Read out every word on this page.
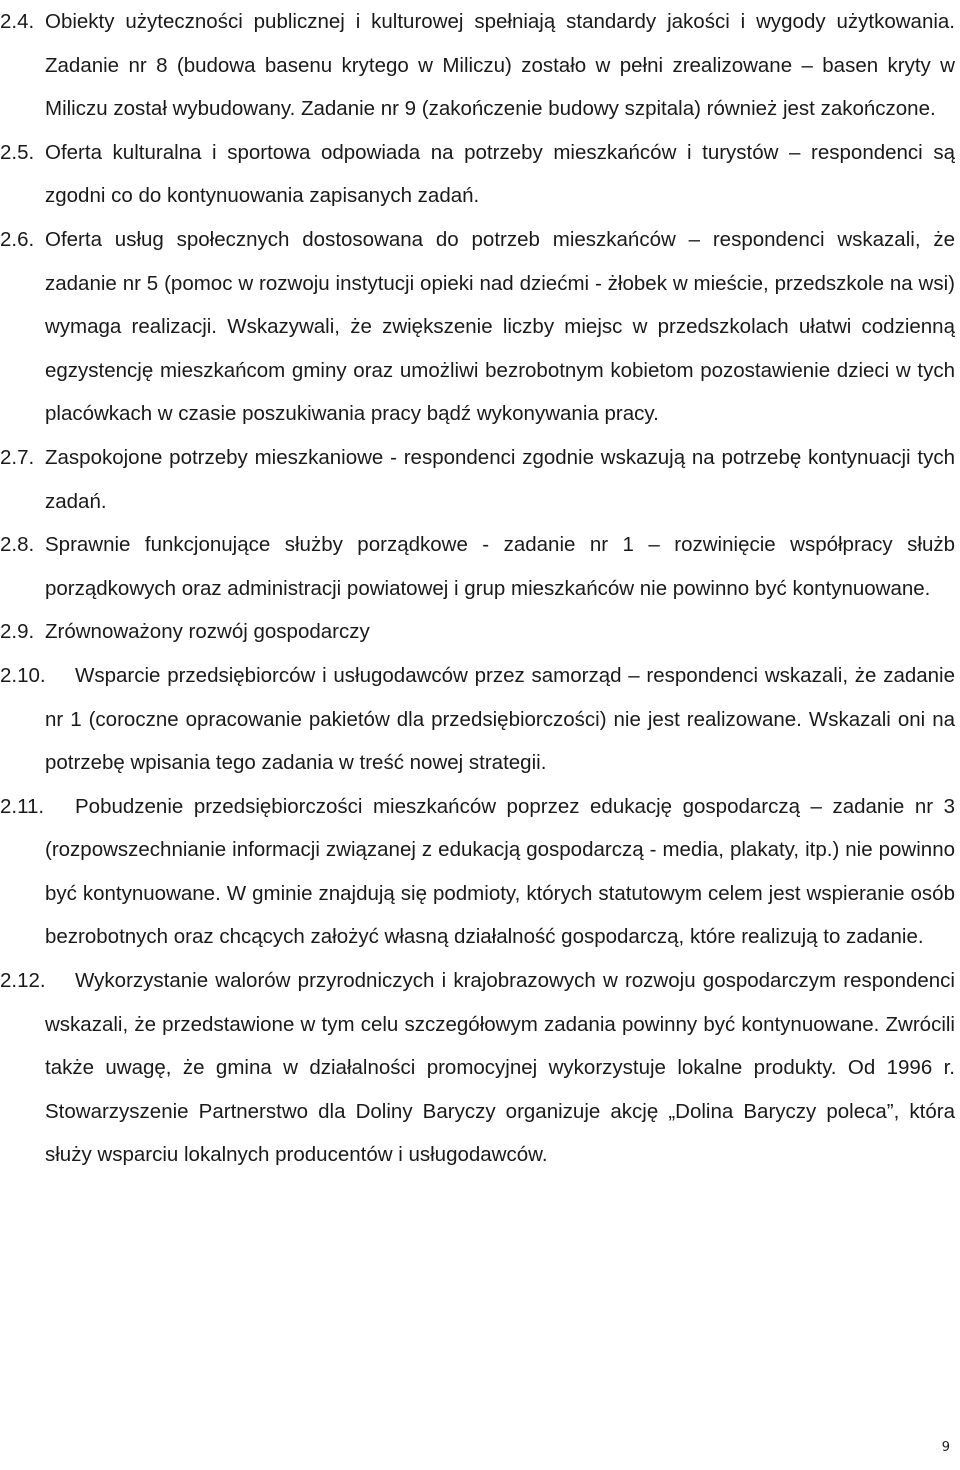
2.4. Obiekty użyteczności publicznej i kulturowej spełniają standardy jakości i wygody użytkowania. Zadanie nr 8 (budowa basenu krytego w Miliczu) zostało w pełni zrealizowane – basen kryty w Miliczu został wybudowany. Zadanie nr 9 (zakończenie budowy szpitala) również jest zakończone.
2.5. Oferta kulturalna i sportowa odpowiada na potrzeby mieszkańców i turystów – respondenci są zgodni co do kontynuowania zapisanych zadań.
2.6. Oferta usług społecznych dostosowana do potrzeb mieszkańców – respondenci wskazali, że zadanie nr 5 (pomoc w rozwoju instytucji opieki nad dziećmi - żłobek w mieście, przedszkole na wsi) wymaga realizacji. Wskazywali, że zwiększenie liczby miejsc w przedszkolach ułatwi codzienną egzystencję mieszkańcom gminy oraz umożliwi bezrobotnym kobietom pozostawienie dzieci w tych placówkach w czasie poszukiwania pracy bądź wykonywania pracy.
2.7. Zaspokojone potrzeby mieszkaniowe - respondenci zgodnie wskazują na potrzebę kontynuacji tych zadań.
2.8. Sprawnie funkcjonujące służby porządkowe - zadanie nr 1 – rozwinięcie współpracy służb porządkowych oraz administracji powiatowej i grup mieszkańców nie powinno być kontynuowane.
2.9. Zrównoważony rozwój gospodarczy
2.10.	Wsparcie przedsiębiorców i usługodawców przez samorząd – respondenci wskazali, że zadanie nr 1 (coroczne opracowanie pakietów dla przedsiębiorczości) nie jest realizowane. Wskazali oni na potrzebę wpisania tego zadania w treść nowej strategii.
2.11.	Pobudzenie przedsiębiorczości mieszkańców poprzez edukację gospodarczą – zadanie nr 3 (rozpowszechnianie informacji związanej z edukacją gospodarczą - media, plakaty, itp.) nie powinno być kontynuowane. W gminie znajdują się podmioty, których statutowym celem jest wspieranie osób bezrobotnych oraz chcących założyć własną działalność gospodarczą, które realizują to zadanie.
2.12.	Wykorzystanie walorów przyrodniczych i krajobrazowych w rozwoju gospodarczym respondenci wskazali, że przedstawione w tym celu szczegółowym zadania powinny być kontynuowane. Zwrócili także uwagę, że gmina w działalności promocyjnej wykorzystuje lokalne produkty. Od 1996 r. Stowarzyszenie Partnerstwo dla Doliny Baryczy organizuje akcję „Dolina Baryczy poleca”, która służy wsparciu lokalnych producentów i usługodawców.
9
